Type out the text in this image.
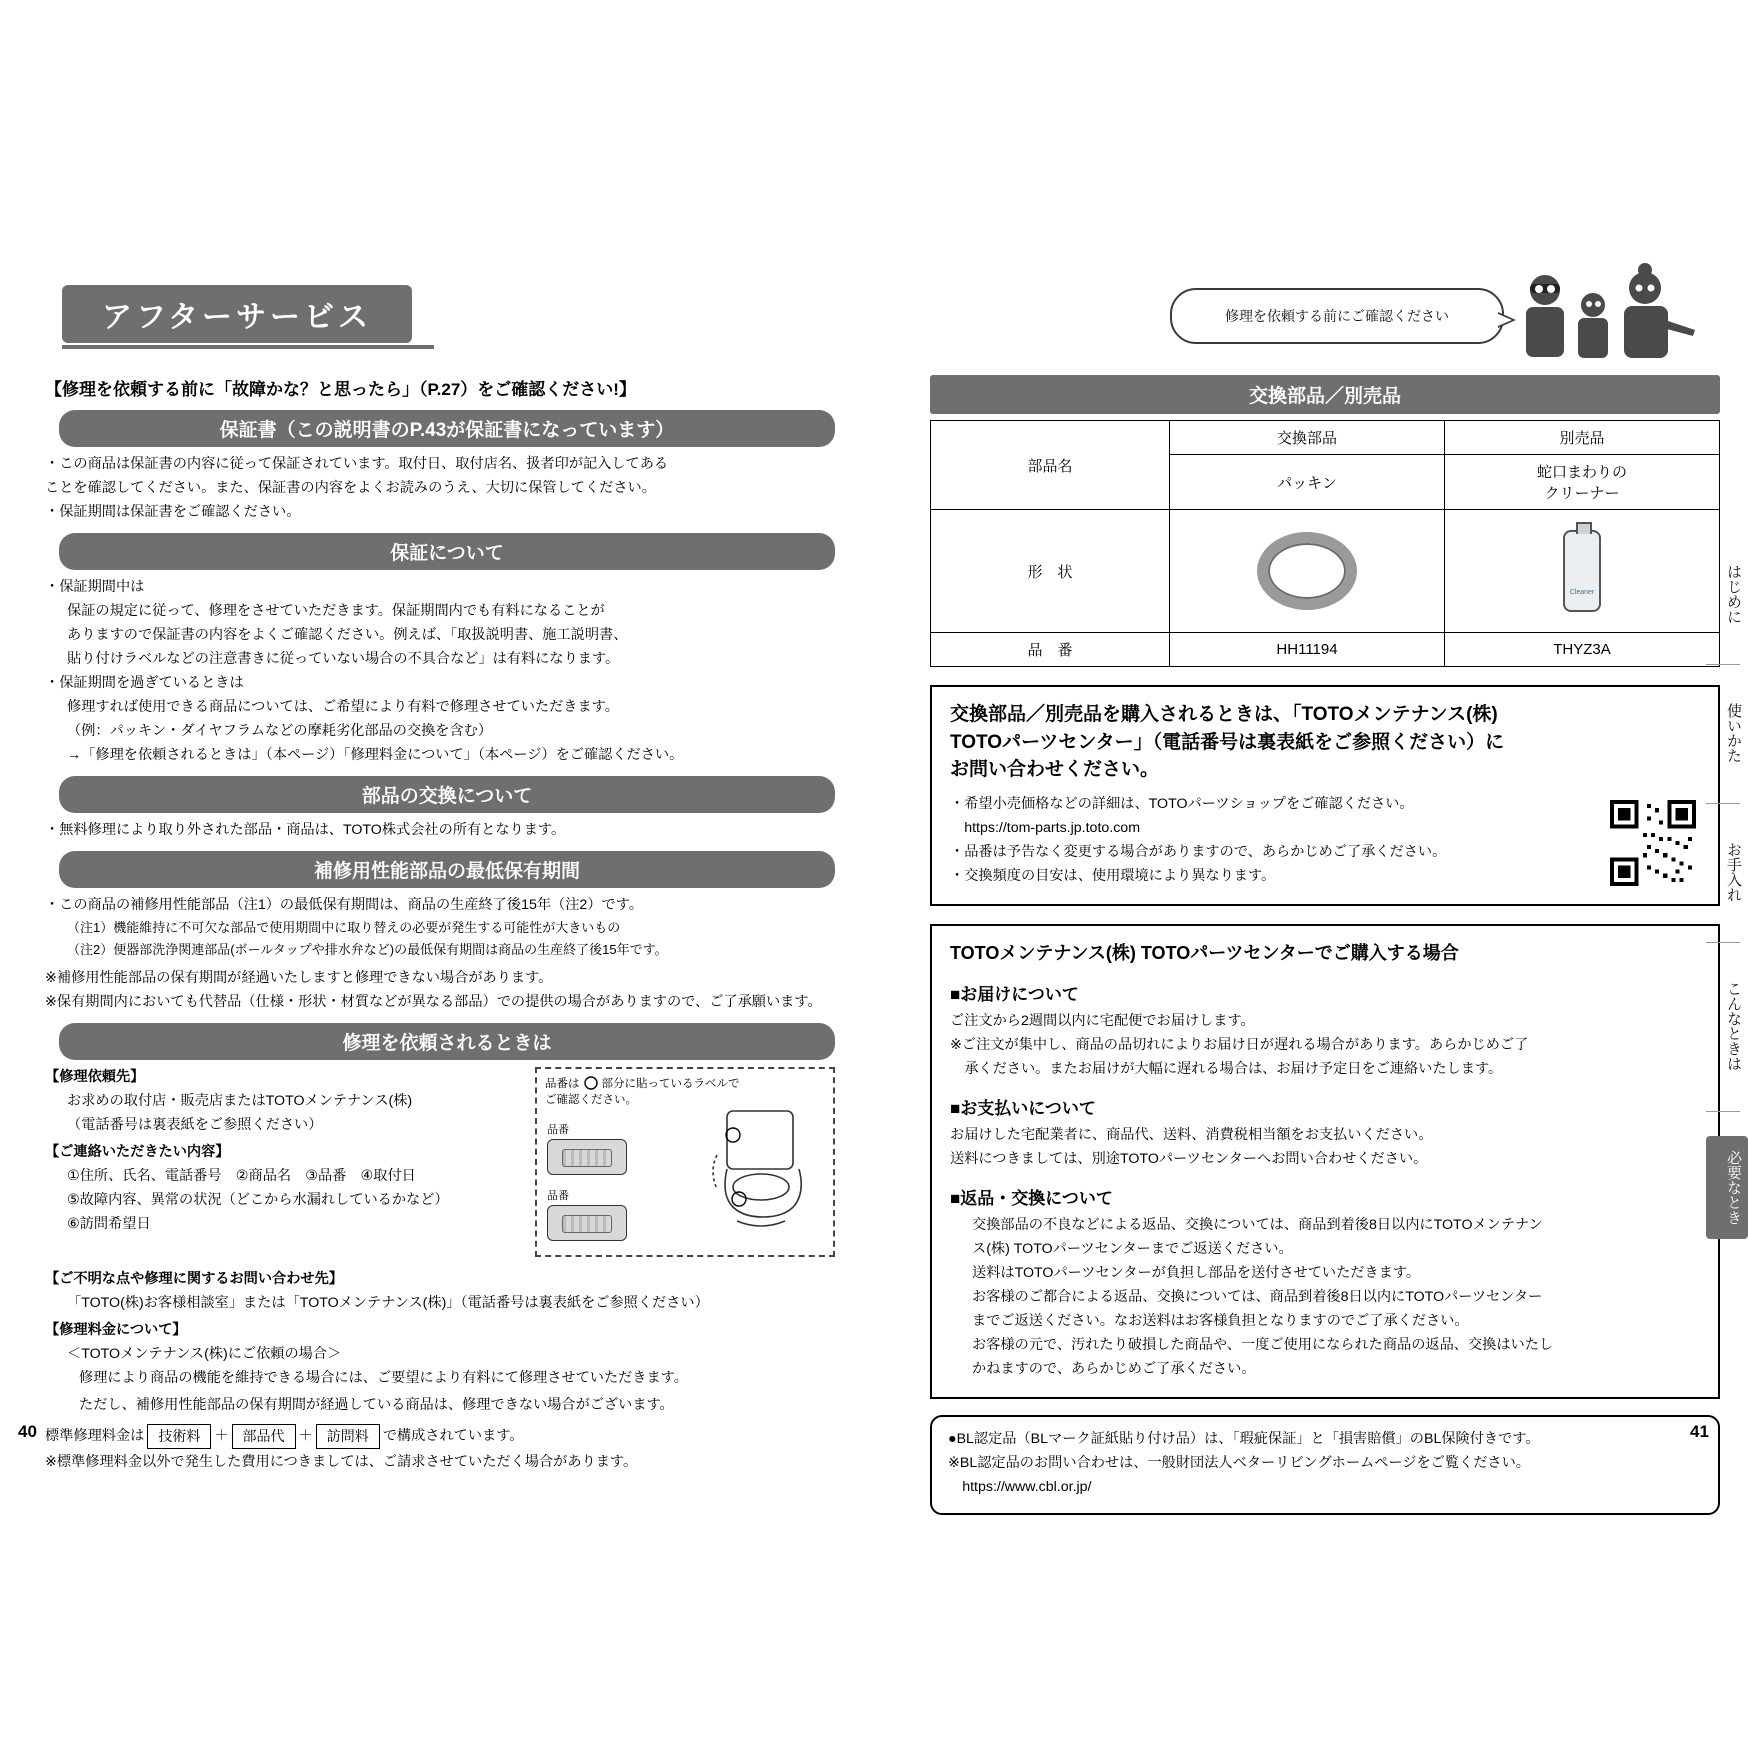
アフターサービス	修理を依頼する前にご確認ください

【修理を依頼する前に「故障かな？と思ったら」（P.27）をご確認ください!】

保証書（この説明書のP.43が保証書になっています）

・この商品は保証書の内容に従って保証されています。取付日、取付店名、扱者印が記入してある

ことを確認してください。また、保証書の内容をよくお読みのうえ、大切に保管してください。

・保証期間は保証書をご確認ください。

保証について

・保証期間中は

保証の規定に従って、修理をさせていただきます。保証期間内でも有料になることが

ありますので保証書の内容をよくご確認ください。例えば、「取扱説明書、施工説明書、

貼り付けラベルなどの注意書きに従っていない場合の不具合など」は有料になります。

・保証期間を過ぎているときは

修理すれば使用できる商品については、ご希望により有料で修理させていただきます。

（例：パッキン・ダイヤフラムなどの摩耗劣化部品の交換を含む）

→「修理を依頼されるときは」（本ページ）「修理料金について」（本ページ）をご確認ください。

部品の交換について

・無料修理により取り外された部品・商品は、TOTO株式会社の所有となります。

補修用性能部品の最低保有期間

・この商品の補修用性能部品（注1）の最低保有期間は、商品の生産終了後15年（注2）です。

（注1）機能維持に不可欠な部品で使用期間中に取り替えの必要が発生する可能性が大きいもの

（注2）便器部洗浄関連部品(ボールタップや排水弁など)の最低保有期間は商品の生産終了後15年です。

※補修用性能部品の保有期間が経過いたしますと修理できない場合があります。

※保有期間内においても代替品（仕様・形状・材質などが異なる部品）での提供の場合がありますので、ご了承願います。

修理を依頼されるときは

【修理依頼先】

お求めの取付店・販売店またはTOTOメンテナンス(株)

（電話番号は裏表紙をご参照ください）

【ご連絡いただきたい内容】

①住所、氏名、電話番号　②商品名　③品番　④取付日

⑤故障内容、異常の状況（どこから水漏れしているかなど）

⑥訪問希望日

品番は 部分に貼っているラベルで
ご確認ください。
品番
品番

【ご不明な点や修理に関するお問い合わせ先】

「TOTO(株)お客様相談室」または「TOTOメンテナンス(株)」（電話番号は裏表紙をご参照ください）

【修理料金について】

＜TOTOメンテナンス(株)にご依頼の場合＞

修理により商品の機能を維持できる場合には、ご要望により有料にて修理させていただきます。

ただし、補修用性能部品の保有期間が経過している商品は、修理できない場合がございます。

標準修理料金は	技術料 ＋	部品代 ＋	訪問料 で構成されています。

※標準修理料金以外で発生した費用につきましては、ご請求させていただく場合があります。

交換部品／別売品
部品名	交換部品	別売品
	パッキン	蛇口まわりの
クリーナー

形　状		Cleaner

品　番	HH11194	THYZ3A
交換部品／別売品を購入されるときは、「TOTOメンテナンス(株)
TOTOパーツセンター」（電話番号は裏表紙をご参照ください）に
お問い合わせください。

・希望小売価格などの詳細は、TOTOパーツショップをご確認ください。

　https://tom-parts.jp.toto.com

・品番は予告なく変更する場合がありますので、あらかじめご了承ください。

・交換頻度の目安は、使用環境により異なります。

TOTOメンテナンス(株) TOTOパーツセンターでご購入する場合
■お届けについて

ご注文から2週間以内に宅配便でお届けします。

※ご注文が集中し、商品の品切れによりお届け日が遅れる場合があります。あらかじめご了

　承ください。またお届けが大幅に遅れる場合は、お届け予定日をご連絡いたします。

■お支払いについて

お届けした宅配業者に、商品代、送料、消費税相当額をお支払いください。

送料につきましては、別途TOTOパーツセンターへお問い合わせください。

■返品・交換について

交換部品の不良などによる返品、交換については、商品到着後8日以内にTOTOメンテナン

ス(株) TOTOパーツセンターまでご返送ください。

送料はTOTOパーツセンターが負担し部品を送付させていただきます。

お客様のご都合による返品、交換については、商品到着後8日以内にTOTOパーツセンター

までご返送ください。なお送料はお客様負担となりますのでご了承ください。

お客様の元で、汚れたり破損した商品や、一度ご使用になられた商品の返品、交換はいたし

かねますので、あらかじめご了承ください。

●BL認定品（BLマーク証紙貼り付け品）は、「瑕疵保証」と「損害賠償」のBL保険付きです。

※BL認定品のお問い合わせは、一般財団法人ベターリビングホームページをご覧ください。

　https://www.cbl.or.jp/

はじめに
使いかた
お手入れ
こんなときは
必要なとき
40	41
